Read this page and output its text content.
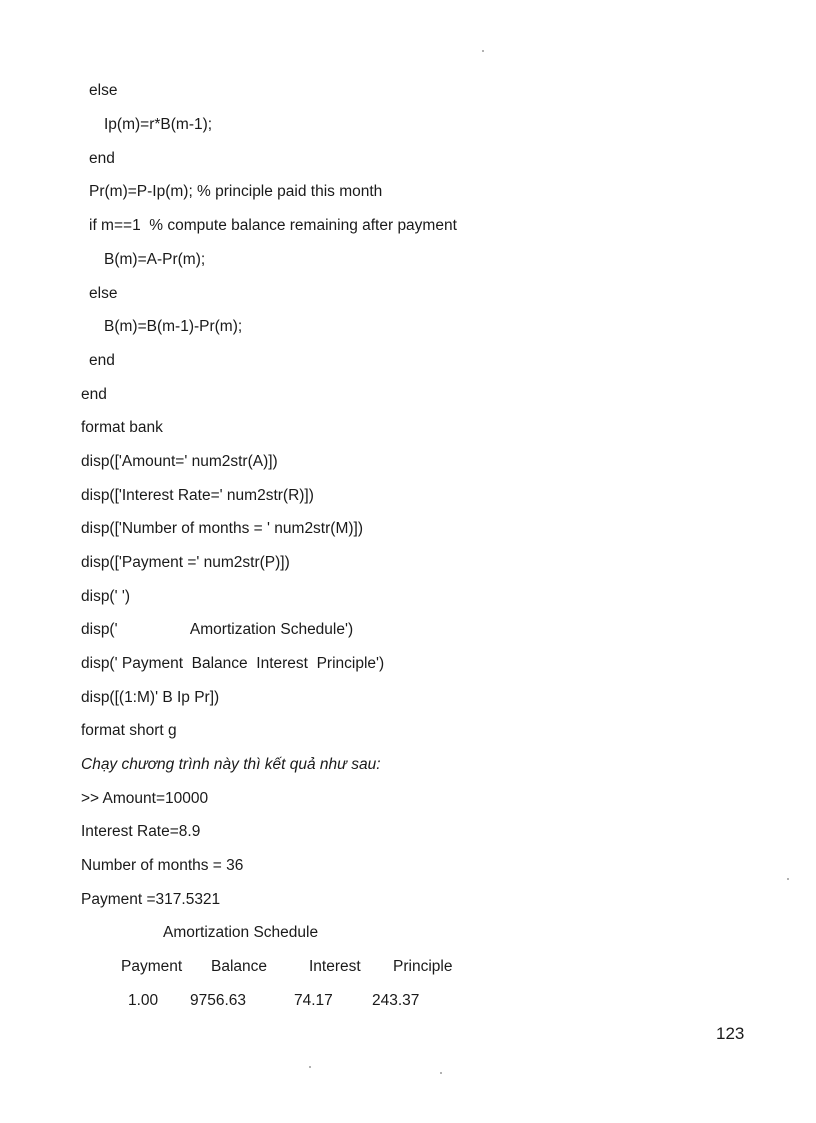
else
Ip(m)=r*B(m-1);
end
Pr(m)=P-Ip(m); % principle paid this month
if m==1  % compute balance remaining after payment
B(m)=A-Pr(m);
else
B(m)=B(m-1)-Pr(m);
end
end
format bank
disp(['Amount=' num2str(A)])
disp(['Interest Rate=' num2str(R)])
disp(['Number of months = ' num2str(M)])
disp(['Payment =' num2str(P)])
disp(' ')
disp('                 Amortization Schedule')
disp(' Payment  Balance  Interest  Principle')
disp([(1:M)' B Ip Pr])
format short g
Chạy chương trình này thì kết quả như sau:
>> Amount=10000
Interest Rate=8.9
Number of months = 36
Payment =317.5321
Amortization Schedule
Payment Balance	Interest Principle
1.00 9756.63	74.17	243.37
123
